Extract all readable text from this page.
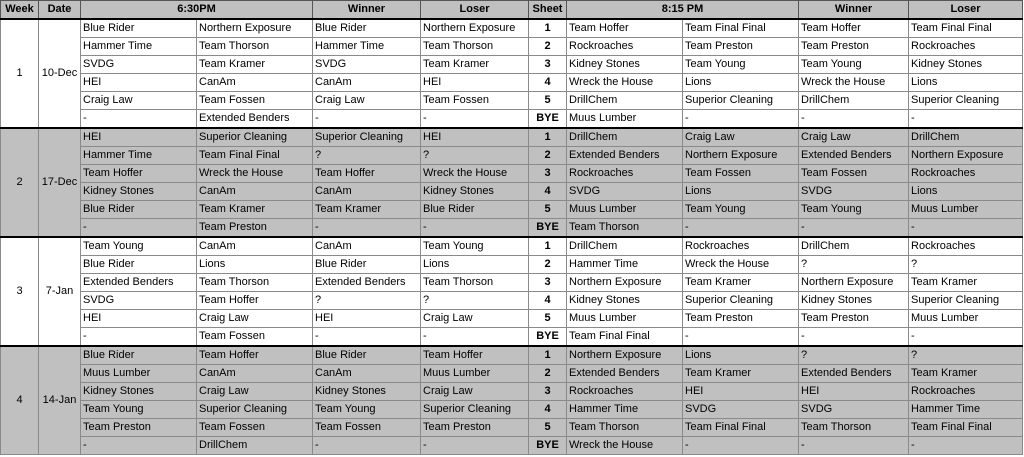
Week	Date	6:30PM		Winner	Loser	Sheet	8:15 PM		Winner	Loser
1	10-Dec	Blue Rider	Northern Exposure	Blue Rider	Northern Exposure	1	Team Hoffer	Team Final Final	Team Hoffer	Team Final Final
		Hammer Time	Team Thorson	Hammer Time	Team Thorson	2	Rockroaches	Team Preston	Team Preston	Rockroaches
		SVDG	Team Kramer	SVDG	Team Kramer	3	Kidney Stones	Team Young	Team Young	Kidney Stones
		HEI	CanAm	CanAm	HEI	4	Wreck the House	Lions	Wreck the House	Lions
		Craig Law	Team Fossen	Craig Law	Team Fossen	5	DrillChem	Superior Cleaning	DrillChem	Superior Cleaning
		-	Extended Benders	-	-	BYE	Muus Lumber	-	-	-
2	17-Dec	HEI	Superior Cleaning	Superior Cleaning	HEI	1	DrillChem	Craig Law	Craig Law	DrillChem
		Hammer Time	Team Final Final	?	?	2	Extended Benders	Northern Exposure	Extended Benders	Northern Exposure
		Team Hoffer	Wreck the House	Team Hoffer	Wreck the House	3	Rockroaches	Team Fossen	Team Fossen	Rockroaches
		Kidney Stones	CanAm	CanAm	Kidney Stones	4	SVDG	Lions	SVDG	Lions
		Blue Rider	Team Kramer	Team Kramer	Blue Rider	5	Muus Lumber	Team Young	Team Young	Muus Lumber
		-	Team Preston	-	-	BYE	Team Thorson	-	-	-
3	7-Jan	Team Young	CanAm	CanAm	Team Young	1	DrillChem	Rockroaches	DrillChem	Rockroaches
		Blue Rider	Lions	Blue Rider	Lions	2	Hammer Time	Wreck the House	?	?
		Extended Benders	Team Thorson	Extended Benders	Team Thorson	3	Northern Exposure	Team Kramer	Northern Exposure	Team Kramer
		SVDG	Team Hoffer	?	?	4	Kidney Stones	Superior Cleaning	Kidney Stones	Superior Cleaning
		HEI	Craig Law	HEI	Craig Law	5	Muus Lumber	Team Preston	Team Preston	Muus Lumber
		-	Team Fossen	-	-	BYE	Team Final Final	-	-	-
4	14-Jan	Blue Rider	Team Hoffer	Blue Rider	Team Hoffer	1	Northern Exposure	Lions	?	?
		Muus Lumber	CanAm	CanAm	Muus Lumber	2	Extended Benders	Team Kramer	Extended Benders	Team Kramer
		Kidney Stones	Craig Law	Kidney Stones	Craig Law	3	Rockroaches	HEI	HEI	Rockroaches
		Team Young	Superior Cleaning	Team Young	Superior Cleaning	4	Hammer Time	SVDG	SVDG	Hammer Time
		Team Preston	Team Fossen	Team Fossen	Team Preston	5	Team Thorson	Team Final Final	Team Thorson	Team Final Final
		-	DrillChem	-	-	BYE	Wreck the House	-	-	-
